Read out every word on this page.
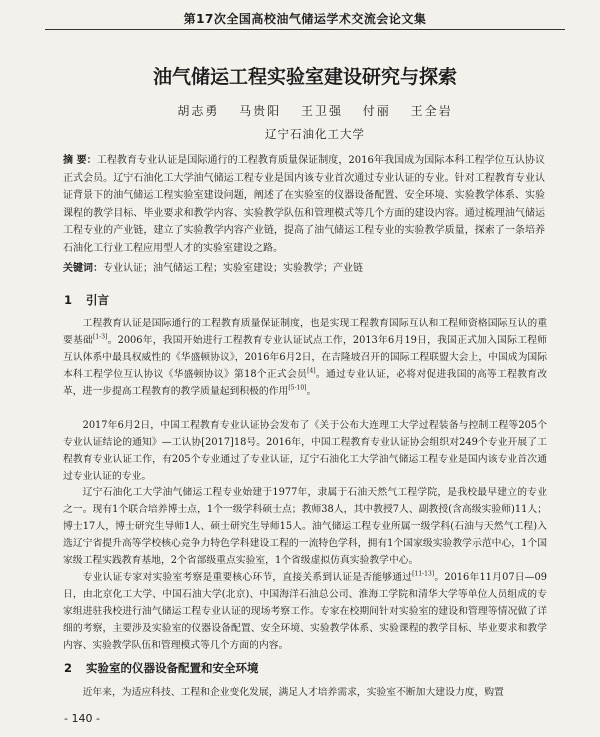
第17次全国高校油气储运学术交流会论文集
油气储运工程实验室建设研究与探索
胡志勇 马贵阳 王卫强 付丽 王全岩
辽宁石油化工大学
摘 要：工程教育专业认证是国际通行的工程教育质量保证制度，2016年我国成为国际本科工程学位互认协议正式会员。辽宁石油化工大学油气储运工程专业是国内该专业首次通过专业认证的专业。针对工程教育专业认证背景下的油气储运工程实验室建设问题，阐述了在实验室的仪器设备配置、安全环境、实验教学体系、实验课程的教学目标、毕业要求和教学内容、实验教学队伍和管理模式等几个方面的建设内容。通过梳理油气储运工程专业的产业链，建立了实验教学内容产业链，提高了油气储运工程专业的实验教学质量，探索了一条培养石油化工行业工程应用型人才的实验室建设之路。
关键词：专业认证；油气储运工程；实验室建设；实验教学；产业链
1 引言
工程教育认证是国际通行的工程教育质量保证制度，也是实现工程教育国际互认和工程师资格国际互认的重要基础[1-3]。2006年，我国开始进行工程教育专业认证试点工作，2013年6月19日，我国正式加入国际工程师互认体系中最具权威性的《华盛顿协议》，2016年6月2日，在吉隆坡召开的国际工程联盟大会上，中国成为国际本科工程学位互认协议《华盛顿协议》第18个正式会员[4]。通过专业认证，必将对促进我国的高等工程教育改革，进一步提高工程教育的教学质量起到积极的作用[5-10]。
2017年6月2日，中国工程教育专业认证协会发布了《关于公布大连理工大学过程装备与控制工程等205个专业认证结论的通知》—工认协[2017]18号。2016年，中国工程教育专业认证协会组织对249个专业开展了工程教育专业认证工作，有205个专业通过了专业认证，辽宁石油化工大学油气储运工程专业是国内该专业首次通过专业认证的专业。
辽宁石油化工大学油气储运工程专业始建于1977年，隶属于石油天然气工程学院，是我校最早建立的专业之一。现有1个联合培养博士点，1个一级学科硕士点；教师38人，其中教授7人、副教授(含高级实验师)11人；博士17人，博士研究生导师1人、硕士研究生导师15人。油气储运工程专业所属一级学科(石油与天然气工程)入选辽宁省提升高等学校核心竞争力特色学科建设工程的一流特色学科，拥有1个国家级实验教学示范中心，1个国家级工程实践教育基地，2个省部级重点实验室，1个省级虚拟仿真实验教学中心。
专业认证专家对实验室考察是重要核心环节，直接关系到认证是否能够通过[11-13]。2016年11月07日—09日，由北京化工大学、中国石油大学(北京)、中国海洋石油总公司、淮海工学院和清华大学等单位人员组成的专家组进驻我校进行油气储运工程专业认证的现场考察工作。专家在校期间针对实验室的建设和管理等情况做了详细的考察，主要涉及实验室的仪器设备配置、安全环境、实验教学体系、实验课程的教学目标、毕业要求和教学内容、实验教学队伍和管理模式等几个方面的内容。
2 实验室的仪器设备配置和安全环境
近年来，为适应科技、工程和企业变化发展，满足人才培养需求，实验室不断加大建设力度，购置
- 140 -
